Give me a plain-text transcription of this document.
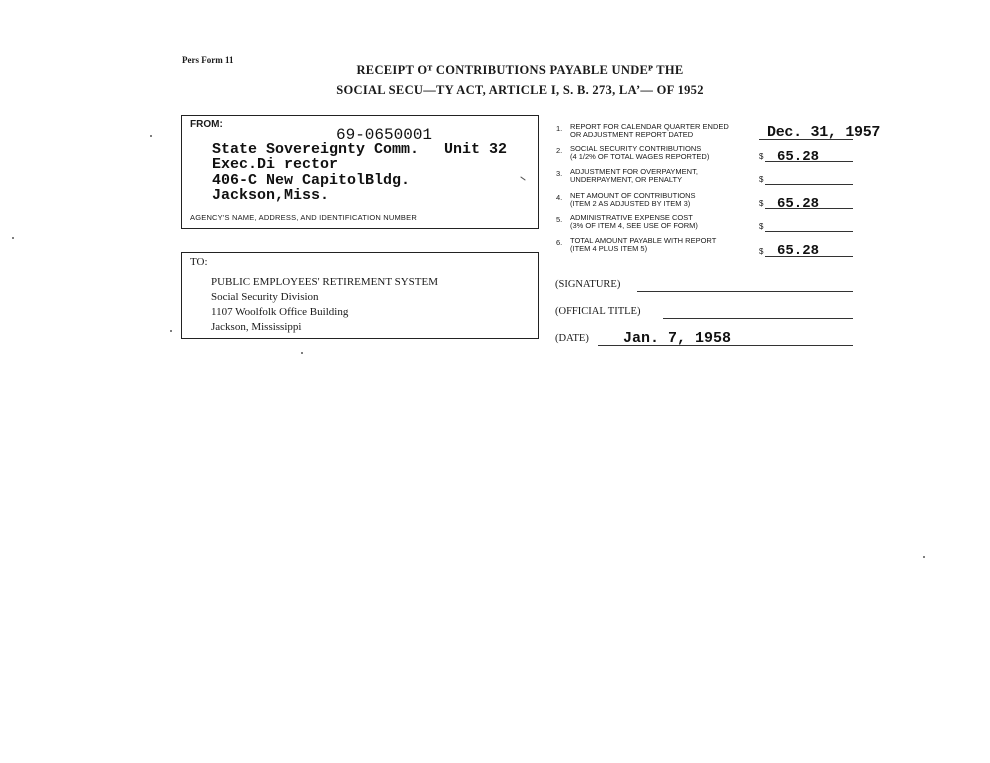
Pers Form 11
RECEIPT Oᵀ CONTRIBUTIONS PAYABLE UNDEᴾ THE
SOCIAL SECU—TY ACT, ARTICLE I, S. B. 273, LA’— OF 1952
FROM:
69-0650001
State Sovereignty Comm. Unit 32
Exec.Di rector
406-C New CapitolBldg.
Jackson,Miss.
AGENCY'S NAME, ADDRESS, AND IDENTIFICATION NUMBER
TO:
PUBLIC EMPLOYEES' RETIREMENT SYSTEM
Social Security Division
1107 Woolfolk Office Building
Jackson, Mississippi
1. REPORT FOR CALENDAR QUARTER ENDED
OR ADJUSTMENT REPORT DATED	Dec. 31, 1957
2. SOCIAL SECURITY CONTRIBUTIONS
(4 1/2% OF TOTAL WAGES REPORTED)	$ 65.28
3. ADJUSTMENT FOR OVERPAYMENT,
UNDERPAYMENT, OR PENALTY	$
4. NET AMOUNT OF CONTRIBUTIONS
(ITEM 2 AS ADJUSTED BY ITEM 3)	$ 65.28
5. ADMINISTRATIVE EXPENSE COST
(3% OF ITEM 4, SEE USE OF FORM)	$
6. TOTAL AMOUNT PAYABLE WITH REPORT
(ITEM 4 PLUS ITEM 5)	$ 65.28
(SIGNATURE)
(OFFICIAL TITLE)
(DATE) Jan. 7, 1958
